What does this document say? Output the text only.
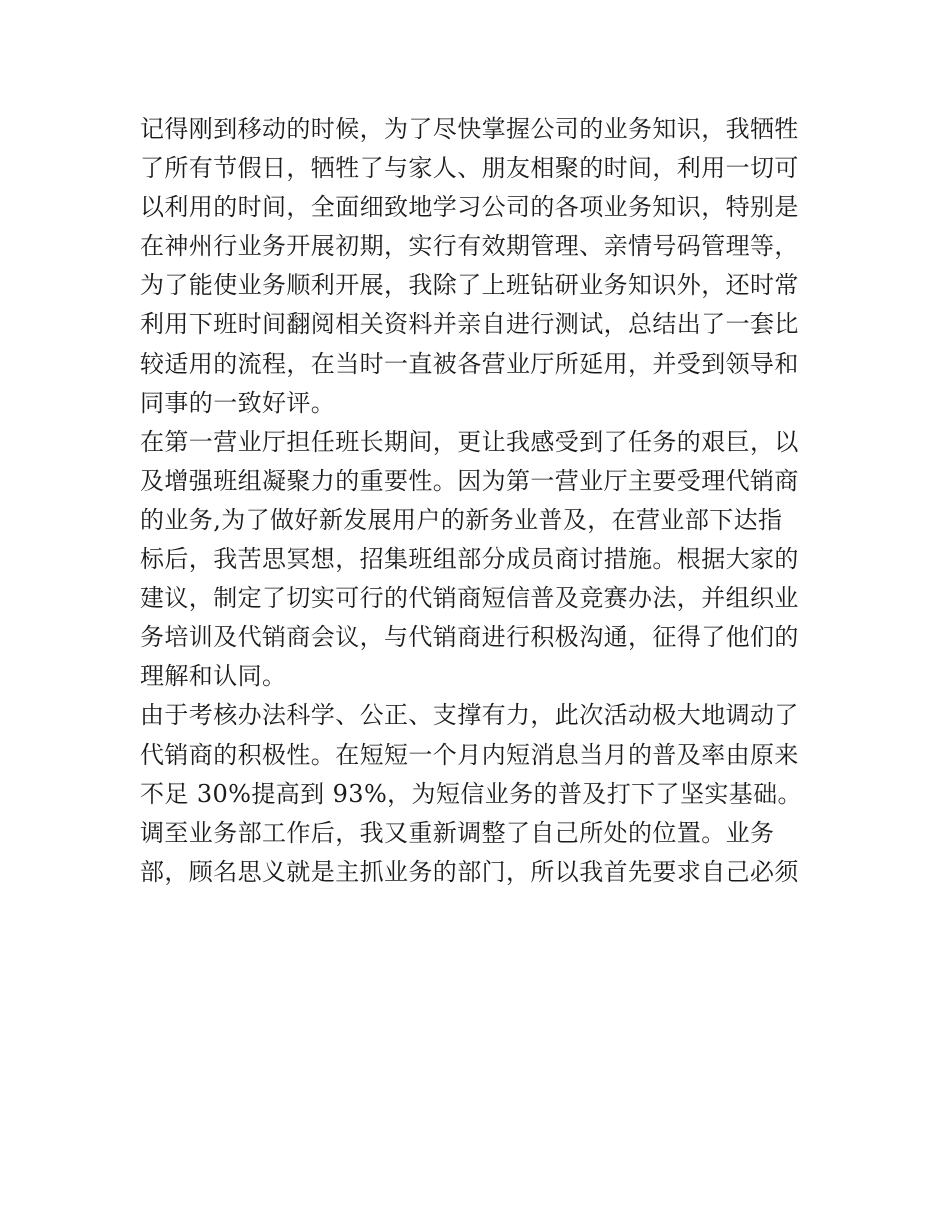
记得刚到移动的时候，为了尽快掌握公司的业务知识，我牺牲
了所有节假日，牺牲了与家人、朋友相聚的时间，利用一切可
以利用的时间，全面细致地学习公司的各项业务知识，特别是
在神州行业务开展初期，实行有效期管理、亲情号码管理等，
为了能使业务顺利开展，我除了上班钻研业务知识外，还时常
利用下班时间翻阅相关资料并亲自进行测试，总结出了一套比
较适用的流程，在当时一直被各营业厅所延用，并受到领导和
同事的一致好评。
在第一营业厅担任班长期间，更让我感受到了任务的艰巨，以
及增强班组凝聚力的重要性。因为第一营业厅主要受理代销商
的业务,为了做好新发展用户的新务业普及，在营业部下达指
标后，我苦思冥想，招集班组部分成员商讨措施。根据大家的
建议，制定了切实可行的代销商短信普及竞赛办法，并组织业
务培训及代销商会议，与代销商进行积极沟通，征得了他们的
理解和认同。
由于考核办法科学、公正、支撑有力，此次活动极大地调动了
代销商的积极性。在短短一个月内短消息当月的普及率由原来
不足 30%提高到 93%，为短信业务的普及打下了坚实基础。
调至业务部工作后，我又重新调整了自己所处的位置。业务
部，顾名思义就是主抓业务的部门，所以我首先要求自己必须
